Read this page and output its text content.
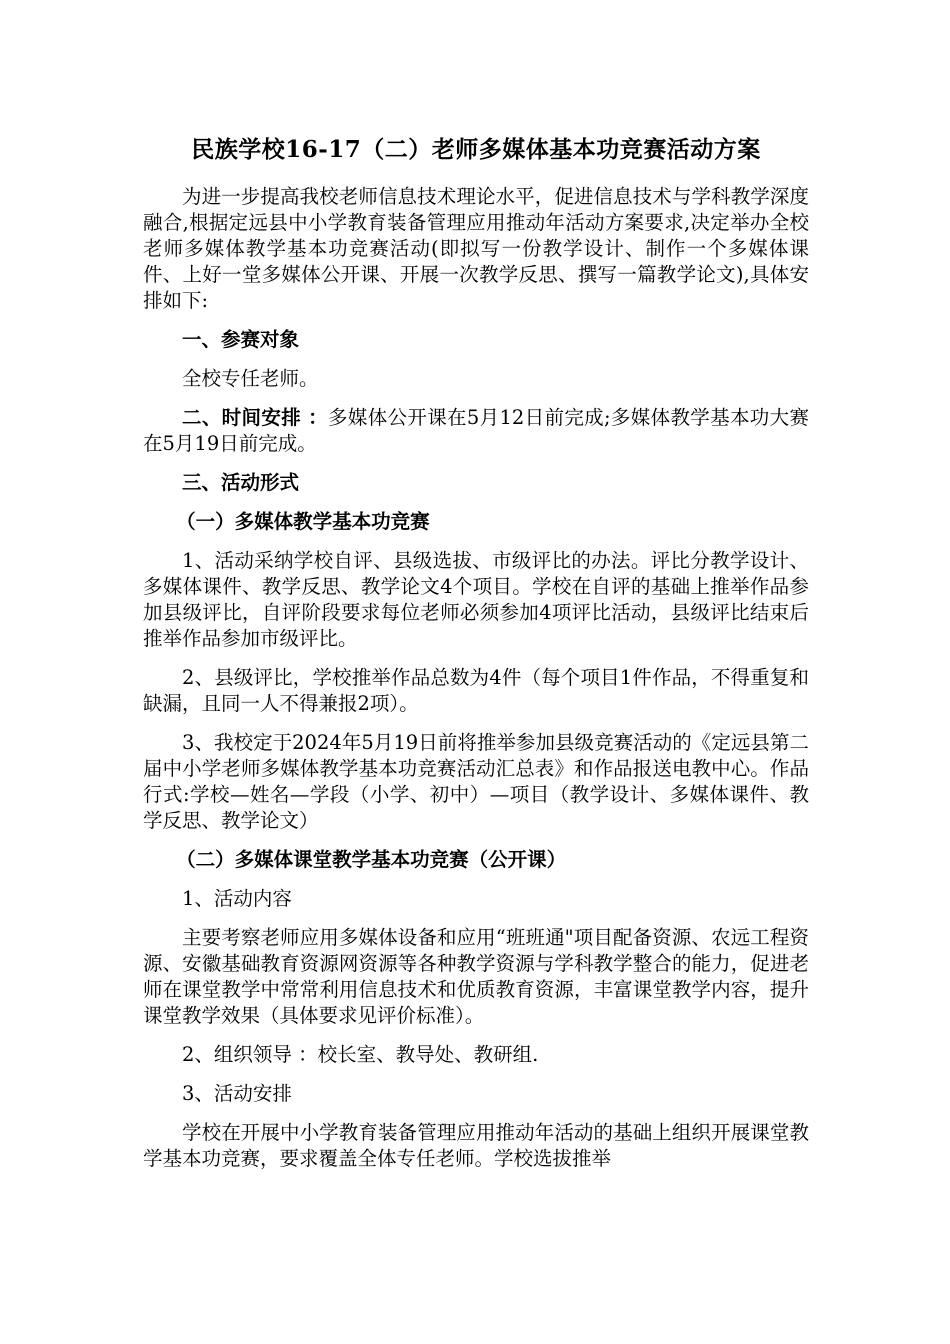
民族学校16-17（二）老师多媒体基本功竞赛活动方案

为进一步提高我校老师信息技术理论水平，促进信息技术与学科教学深度融合,根据定远县中小学教育装备管理应用推动年活动方案要求,决定举办全校老师多媒体教学基本功竞赛活动(即拟写一份教学设计、制作一个多媒体课件、上好一堂多媒体公开课、开展一次教学反思、撰写一篇教学论文),具体安排如下:

一、参赛对象

全校专任老师。

二、时间安排 ：多媒体公开课在5月12日前完成;多媒体教学基本功大赛在5月19日前完成。

三、活动形式

（一）多媒体教学基本功竞赛

1、活动采纳学校自评、县级选拔、市级评比的办法。评比分教学设计、多媒体课件、教学反思、教学论文4个项目。学校在自评的基础上推举作品参加县级评比，自评阶段要求每位老师必须参加4项评比活动，县级评比结束后推举作品参加市级评比。

2、县级评比，学校推举作品总数为4件（每个项目1件作品，不得重复和缺漏，且同一人不得兼报2项）。

3、我校定于2024年5月19日前将推举参加县级竞赛活动的《定远县第二届中小学老师多媒体教学基本功竞赛活动汇总表》和作品报送电教中心。作品行式:学校—姓名—学段（小学、初中）—项目（教学设计、多媒体课件、教学反思、教学论文）

（二）多媒体课堂教学基本功竞赛（公开课）

1、活动内容

主要考察老师应用多媒体设备和应用“班班通"项目配备资源、农远工程资源、安徽基础教育资源网资源等各种教学资源与学科教学整合的能力，促进老师在课堂教学中常常利用信息技术和优质教育资源，丰富课堂教学内容，提升课堂教学效果（具体要求见评价标准）。

2、组织领导 ：校长室、教导处、教研组.

3、活动安排

学校在开展中小学教育装备管理应用推动年活动的基础上组织开展课堂教学基本功竞赛，要求覆盖全体专任老师。学校选拔推举
